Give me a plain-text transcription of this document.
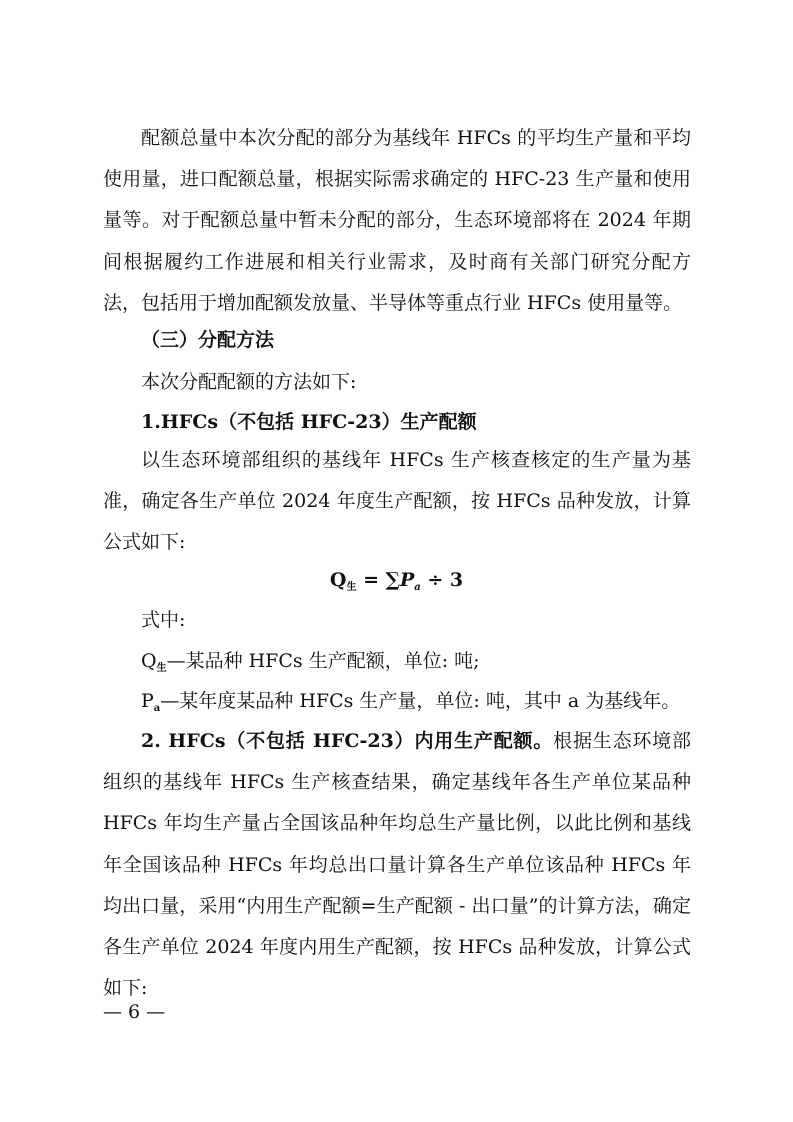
配额总量中本次分配的部分为基线年 HFCs 的平均生产量和平均使用量，进口配额总量，根据实际需求确定的 HFC-23 生产量和使用量等。对于配额总量中暂未分配的部分，生态环境部将在 2024 年期间根据履约工作进展和相关行业需求，及时商有关部门研究分配方法，包括用于增加配额发放量、半导体等重点行业 HFCs 使用量等。

（三）分配方法

本次分配配额的方法如下:

1.HFCs（不包括 HFC-23）生产配额

以生态环境部组织的基线年 HFCs 生产核查核定的生产量为基准，确定各生产单位 2024 年度生产配额，按 HFCs 品种发放，计算公式如下:

$Q_生 = \sum P_a \div 3$

式中:

$Q_生—$某品种 HFCs 生产配额，单位: 吨;

$P_a—$某年度某品种 HFCs 生产量，单位: 吨，其中 a 为基线年。

2. HFCs（不包括 HFC-23）内用生产配额。根据生态环境部组织的基线年 HFCs 生产核查结果，确定基线年各生产单位某品种 HFCs 年均生产量占全国该品种年均总生产量比例，以此比例和基线年全国该品种 HFCs 年均总出口量计算各生产单位该品种 HFCs 年均出口量，采用“内用生产配额=生产配额 - 出口量”的计算方法，确定各生产单位 2024 年度内用生产配额，按 HFCs 品种发放，计算公式如下:

— 6 —
